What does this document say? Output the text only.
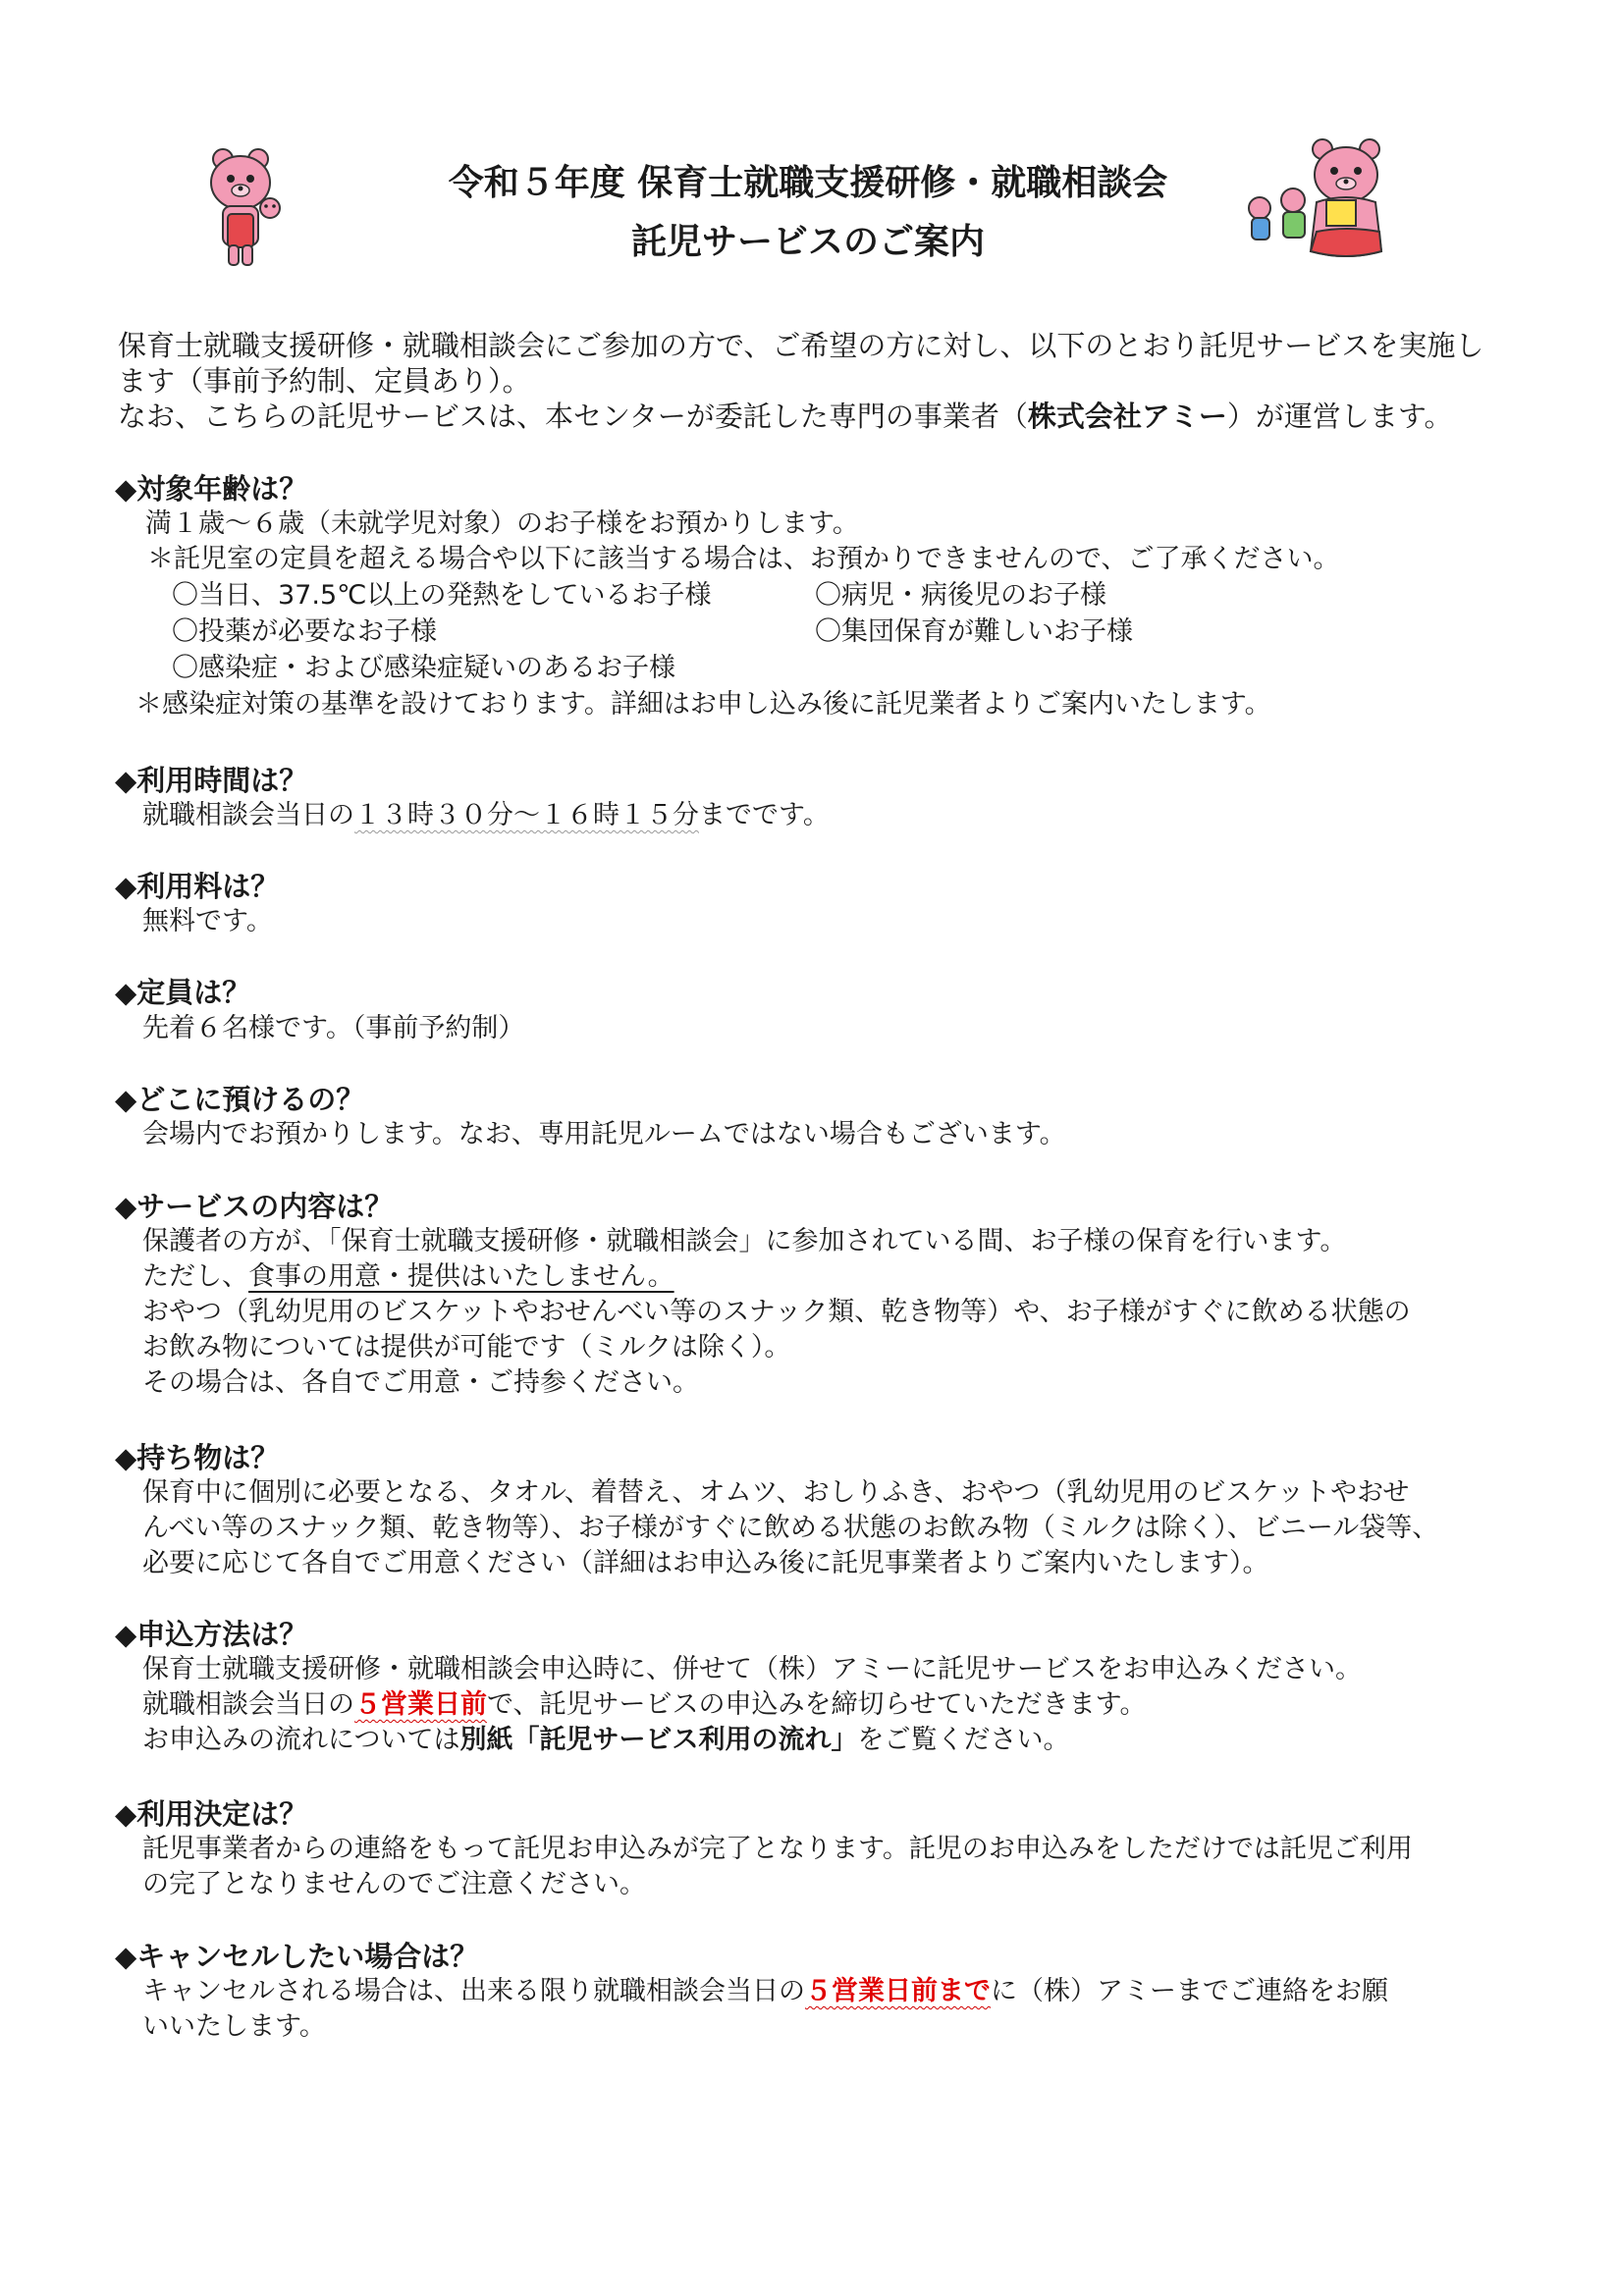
令和５年度 保育士就職支援研修・就職相談会
託児サービスのご案内
保育士就職支援研修・就職相談会にご参加の方で、ご希望の方に対し、以下のとおり託児サービスを実施します（事前予約制、定員あり）。
なお、こちらの託児サービスは、本センターが委託した専門の事業者（株式会社アミー）が運営します。
◆対象年齢は？
満１歳～６歳（未就学児対象）のお子様をお預かりします。
＊託児室の定員を超える場合や以下に該当する場合は、お預かりできませんので、ご了承ください。
〇当日、37.5℃以上の発熱をしているお子様	〇病児・病後児のお子様
〇投薬が必要なお子様	〇集団保育が難しいお子様
〇感染症・および感染症疑いのあるお子様
＊感染症対策の基準を設けております。詳細はお申し込み後に託児業者よりご案内いたします。
◆利用時間は？
就職相談会当日の１３時３０分～１６時１５分までです。
◆利用料は？
無料です。
◆定員は？
先着６名様です。（事前予約制）
◆どこに預けるの？
会場内でお預かりします。なお、専用託児ルームではない場合もございます。
◆サービスの内容は？
保護者の方が、「保育士就職支援研修・就職相談会」に参加されている間、お子様の保育を行います。
ただし、食事の用意・提供はいたしません。
おやつ（乳幼児用のビスケットやおせんべい等のスナック類、乾き物等）や、お子様がすぐに飲める状態の
お飲み物については提供が可能です（ミルクは除く）。
その場合は、各自でご用意・ご持参ください。
◆持ち物は？
保育中に個別に必要となる、タオル、着替え、オムツ、おしりふき、おやつ（乳幼児用のビスケットやおせ
んべい等のスナック類、乾き物等）、お子様がすぐに飲める状態のお飲み物（ミルクは除く）、ビニール袋等、
必要に応じて各自でご用意ください（詳細はお申込み後に託児事業者よりご案内いたします）。
◆申込方法は？
保育士就職支援研修・就職相談会申込時に、併せて（株）アミーに託児サービスをお申込みください。
就職相談会当日の５営業日前で、託児サービスの申込みを締切らせていただきます。
お申込みの流れについては別紙「託児サービス利用の流れ」をご覧ください。
◆利用決定は？
託児事業者からの連絡をもって託児お申込みが完了となります。託児のお申込みをしただけでは託児ご利用
の完了となりませんのでご注意ください。
◆キャンセルしたい場合は？
キャンセルされる場合は、出来る限り就職相談会当日の５営業日前までに（株）アミーまでご連絡をお願
いいたします。
